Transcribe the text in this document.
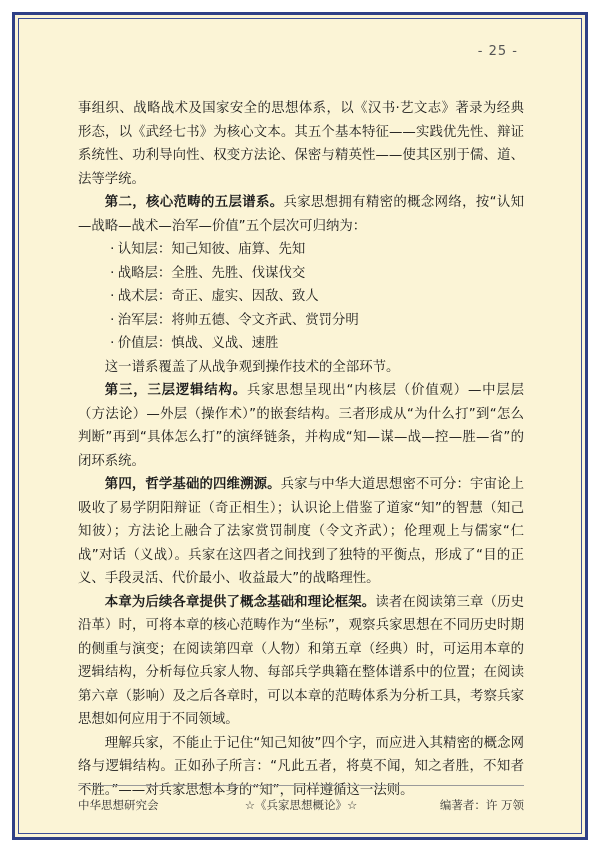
- 25 -

事组织、战略战术及国家安全的思想体系，以《汉书·艺文志》著录为经典形态，以《武经七书》为核心文本。其五个基本特征——实践优先性、辩证系统性、功利导向性、权变方法论、保密与精英性——使其区别于儒、道、法等学统。

第二，核心范畴的五层谱系。兵家思想拥有精密的概念网络，按“认知—战略—战术—治军—价值”五个层次可归纳为：

· 认知层：知己知彼、庙算、先知
· 战略层：全胜、先胜、伐谋伐交
· 战术层：奇正、虚实、因敌、致人
· 治军层：将帅五德、令文齐武、赏罚分明
· 价值层：慎战、义战、速胜

这一谱系覆盖了从战争观到操作技术的全部环节。

第三，三层逻辑结构。兵家思想呈现出“内核层（价值观）—中层层（方法论）—外层（操作术）”的嵌套结构。三者形成从“为什么打”到“怎么判断”再到“具体怎么打”的演绎链条，并构成“知—谋—战—控—胜—省”的闭环系统。

第四，哲学基础的四维溯源。兵家与中华大道思想密不可分：宇宙论上吸收了易学阴阳辩证（奇正相生）；认识论上借鉴了道家“知”的智慧（知己知彼）；方法论上融合了法家赏罚制度（令文齐武）；伦理观上与儒家“仁战”对话（义战）。兵家在这四者之间找到了独特的平衡点，形成了“目的正义、手段灵活、代价最小、收益最大”的战略理性。

本章为后续各章提供了概念基础和理论框架。读者在阅读第三章（历史沿革）时，可将本章的核心范畴作为“坐标”，观察兵家思想在不同历史时期的侧重与演变；在阅读第四章（人物）和第五章（经典）时，可运用本章的逻辑结构，分析每位兵家人物、每部兵学典籍在整体谱系中的位置；在阅读第六章（影响）及之后各章时，可以本章的范畴体系为分析工具，考察兵家思想如何应用于不同领域。

理解兵家，不能止于记住“知己知彼”四个字，而应进入其精密的概念网络与逻辑结构。正如孙子所言：“凡此五者，将莫不闻，知之者胜，不知者不胜。”——对兵家思想本身的“知”，同样遵循这一法则。

中华思想研究会	☆《兵家思想概论》☆	编著者：许 万领
